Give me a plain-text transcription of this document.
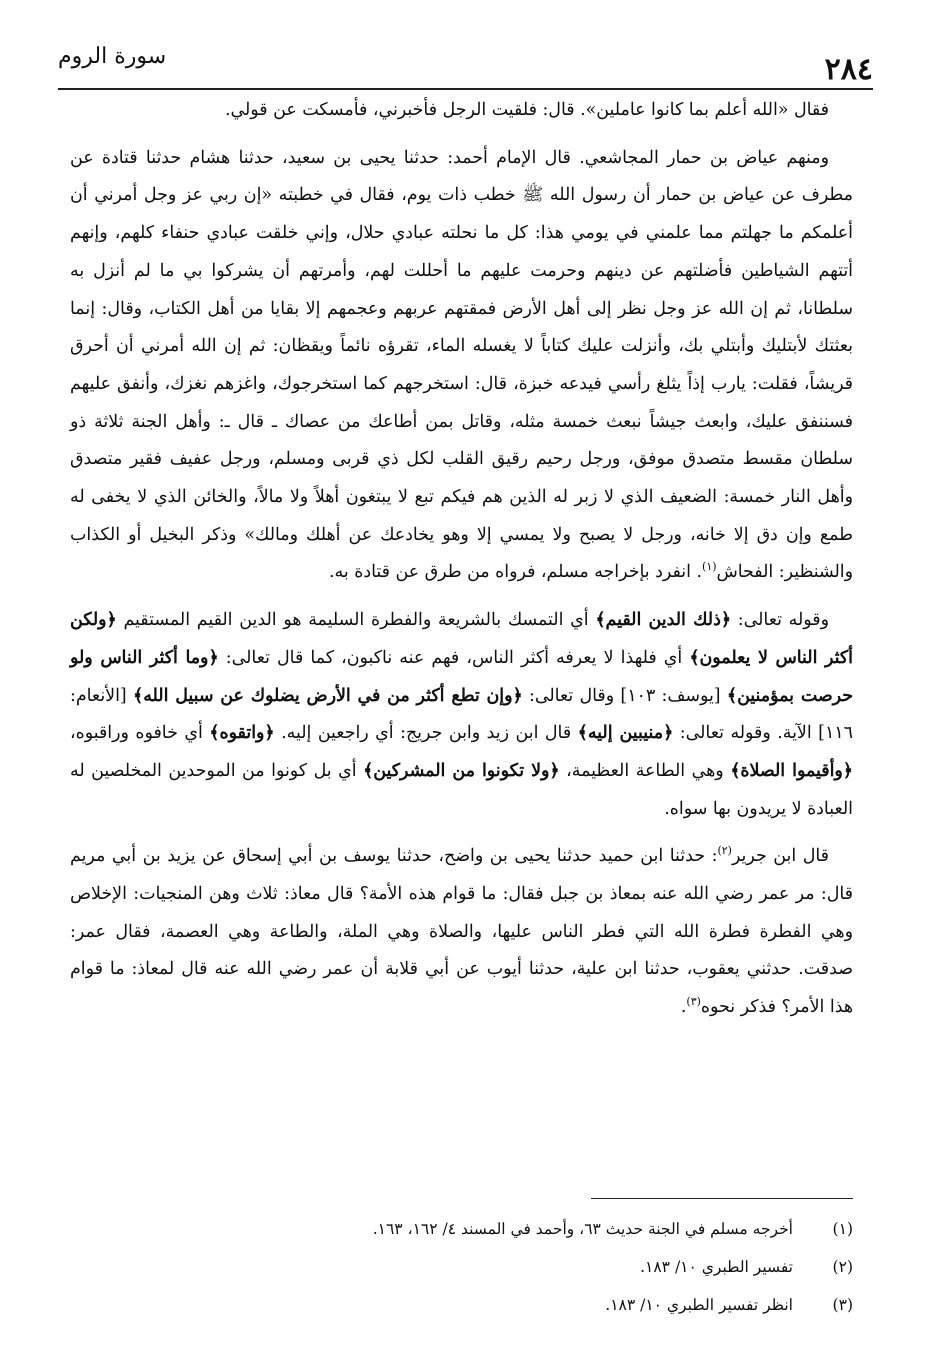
سورة الروم	٢٨٤

فقال «الله أعلم بما كانوا عاملين». قال: فلقيت الرجل فأخبرني، فأمسكت عن قولي.

ومنهم عياض بن حمار المجاشعي. قال الإمام أحمد: حدثنا يحيى بن سعيد، حدثنا هشام حدثنا قتادة عن مطرف عن عياض بن حمار أن رسول الله ﷺ خطب ذات يوم، فقال في خطبته «إن ربي عز وجل أمرني أن أعلمكم ما جهلتم مما علمني في يومي هذا: كل ما نحلته عبادي حلال، وإني خلقت عبادي حنفاء كلهم، وإنهم أتتهم الشياطين فأضلتهم عن دينهم وحرمت عليهم ما أحللت لهم، وأمرتهم أن يشركوا بي ما لم أنزل به سلطانا، ثم إن الله عز وجل نظر إلى أهل الأرض فمقتهم عربهم وعجمهم إلا بقايا من أهل الكتاب، وقال: إنما بعثتك لأبتليك وأبتلي بك، وأنزلت عليك كتاباً لا يغسله الماء، تقرؤه نائماً ويقظان: ثم إن الله أمرني أن أحرق قريشاً، فقلت: يارب إذاً يثلغ رأسي فيدعه خبزة، قال: استخرجهم كما استخرجوك، واغزهم نغزك، وأنفق عليهم فسننفق عليك، وابعث جيشاً نبعث خمسة مثله، وقاتل بمن أطاعك من عصاك ـ قال ـ: وأهل الجنة ثلاثة ذو سلطان مقسط متصدق موفق، ورجل رحيم رقيق القلب لكل ذي قربى ومسلم، ورجل عفيف فقير متصدق وأهل النار خمسة: الضعيف الذي لا زبر له الذين هم فيكم تبع لا يبتغون أهلاً ولا مالاً، والخائن الذي لا يخفى له طمع وإن دق إلا خانه، ورجل لا يصبح ولا يمسي إلا وهو يخادعك عن أهلك ومالك» وذكر البخيل أو الكذاب والشنظير: الفحاش$^{(١)}$. انفرد بإخراجه مسلم، فرواه من طرق عن قتادة به.

وقوله تعالى: ﴿ذلك الدين القيم﴾ أي التمسك بالشريعة والفطرة السليمة هو الدين القيم المستقيم ﴿ولكن أكثر الناس لا يعلمون﴾ أي فلهذا لا يعرفه أكثر الناس، فهم عنه ناكبون، كما قال تعالى: ﴿وما أكثر الناس ولو حرصت بمؤمنين﴾ [يوسف: ١٠٣] وقال تعالى: ﴿وإن تطع أكثر من في الأرض يضلوك عن سبيل الله﴾ [الأنعام: ١١٦] الآية. وقوله تعالى: ﴿منيبين إليه﴾ قال ابن زيد وابن جريج: أي راجعين إليه. ﴿واتقوه﴾ أي خافوه وراقبوه، ﴿وأقيموا الصلاة﴾ وهي الطاعة العظيمة، ﴿ولا تكونوا من المشركين﴾ أي بل كونوا من الموحدين المخلصين له العبادة لا يريدون بها سواه.

قال ابن جرير$^{(٢)}$: حدثنا ابن حميد حدثنا يحيى بن واضح، حدثنا يوسف بن أبي إسحاق عن يزيد بن أبي مريم قال: مر عمر رضي الله عنه بمعاذ بن جبل فقال: ما قوام هذه الأمة؟ قال معاذ: ثلاث وهن المنجيات: الإخلاص وهي الفطرة فطرة الله التي فطر الناس عليها، والصلاة وهي الملة، والطاعة وهي العصمة، فقال عمر: صدقت. حدثني يعقوب، حدثنا ابن علية، حدثنا أيوب عن أبي قلابة أن عمر رضي الله عنه قال لمعاذ: ما قوام هذا الأمر؟ فذكر نحوه$^{(٣)}$.

(١)
أخرجه مسلم في الجنة حديث ٦٣، وأحمد في المسند ٤/ ١٦٢، ١٦٣.
(٢)
تفسير الطبري ١٠/ ١٨٣.
(٣)
انظر تفسير الطبري ١٠/ ١٨٣.
